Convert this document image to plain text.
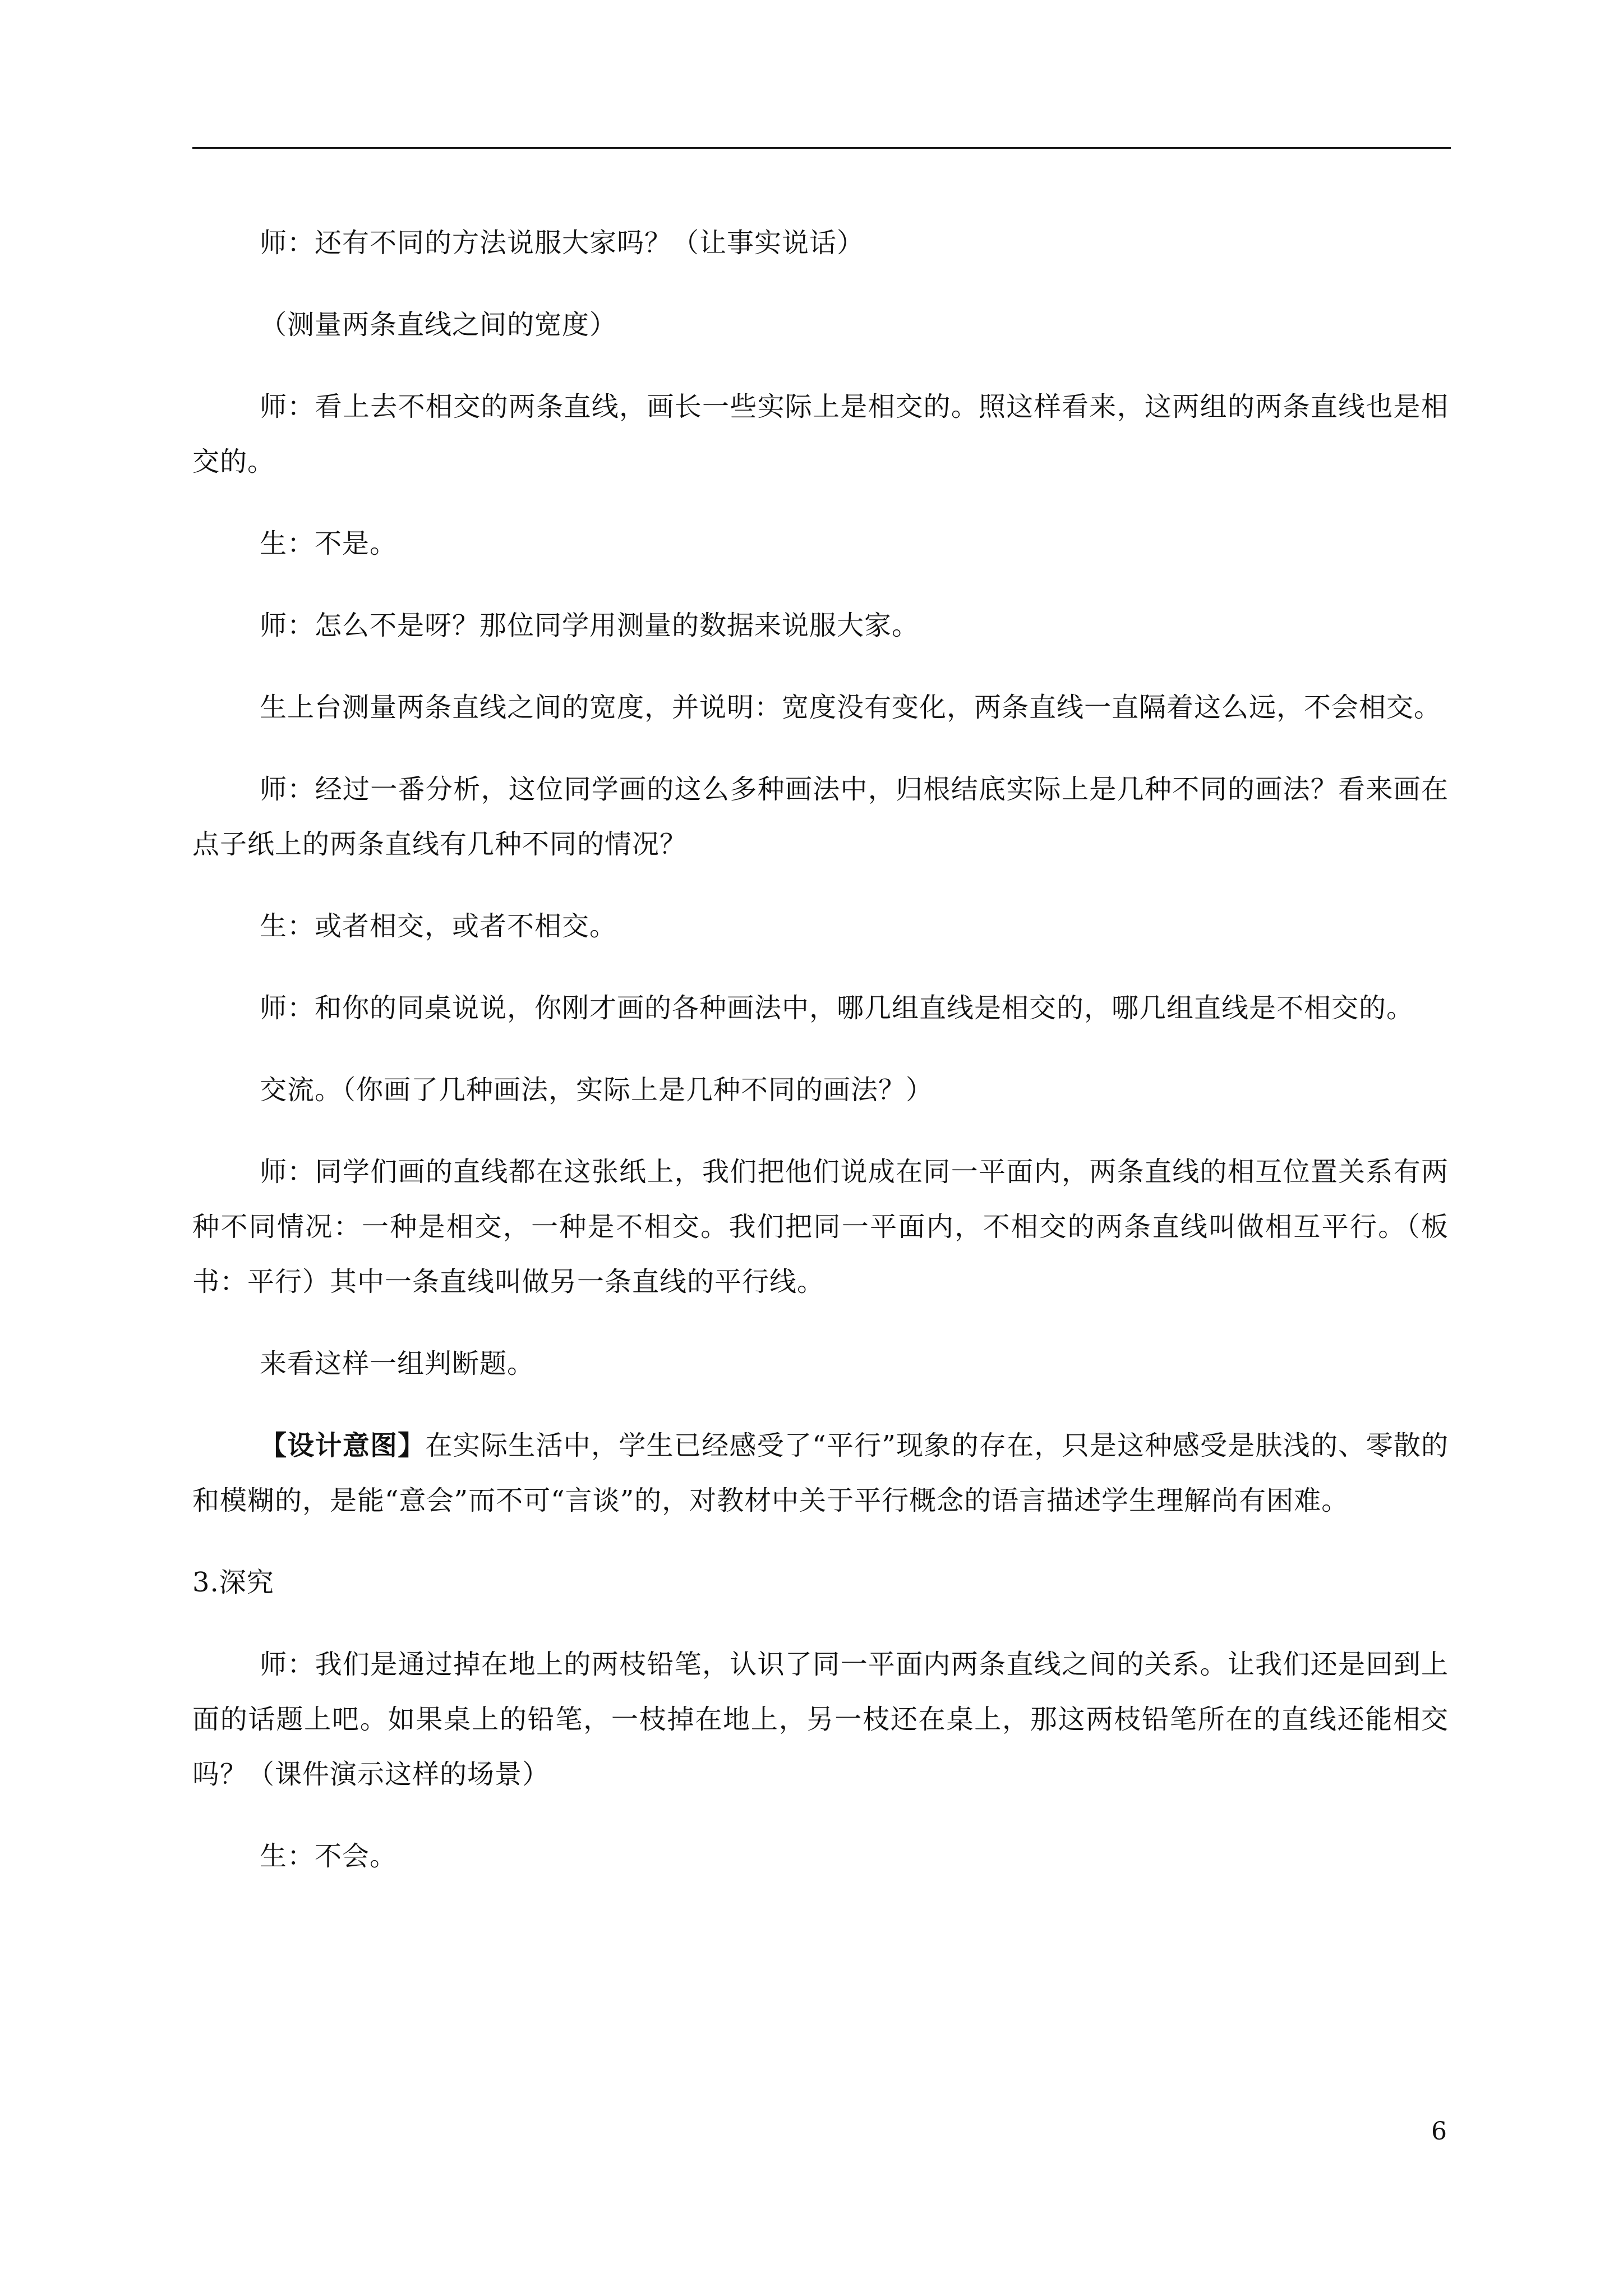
师：还有不同的方法说服大家吗？（让事实说话）

（测量两条直线之间的宽度）

师：看上去不相交的两条直线，画长一些实际上是相交的。照这样看来，这两组的两条直线也是相交的。

生：不是。

师：怎么不是呀？那位同学用测量的数据来说服大家。

生上台测量两条直线之间的宽度，并说明：宽度没有变化，两条直线一直隔着这么远，不会相交。

师：经过一番分析，这位同学画的这么多种画法中，归根结底实际上是几种不同的画法？看来画在点子纸上的两条直线有几种不同的情况？

生：或者相交，或者不相交。

师：和你的同桌说说，你刚才画的各种画法中，哪几组直线是相交的，哪几组直线是不相交的。

交流。（你画了几种画法，实际上是几种不同的画法？）

师：同学们画的直线都在这张纸上，我们把他们说成在同一平面内，两条直线的相互位置关系有两种不同情况：一种是相交，一种是不相交。我们把同一平面内，不相交的两条直线叫做相互平行。（板书：平行）其中一条直线叫做另一条直线的平行线。

来看这样一组判断题。

【设计意图】在实际生活中，学生已经感受了“平行”现象的存在，只是这种感受是肤浅的、零散的和模糊的，是能“意会”而不可“言谈”的，对教材中关于平行概念的语言描述学生理解尚有困难。

3.深究

师：我们是通过掉在地上的两枝铅笔，认识了同一平面内两条直线之间的关系。让我们还是回到上面的话题上吧。如果桌上的铅笔，一枝掉在地上，另一枝还在桌上，那这两枝铅笔所在的直线还能相交吗？（课件演示这样的场景）

生：不会。

6
